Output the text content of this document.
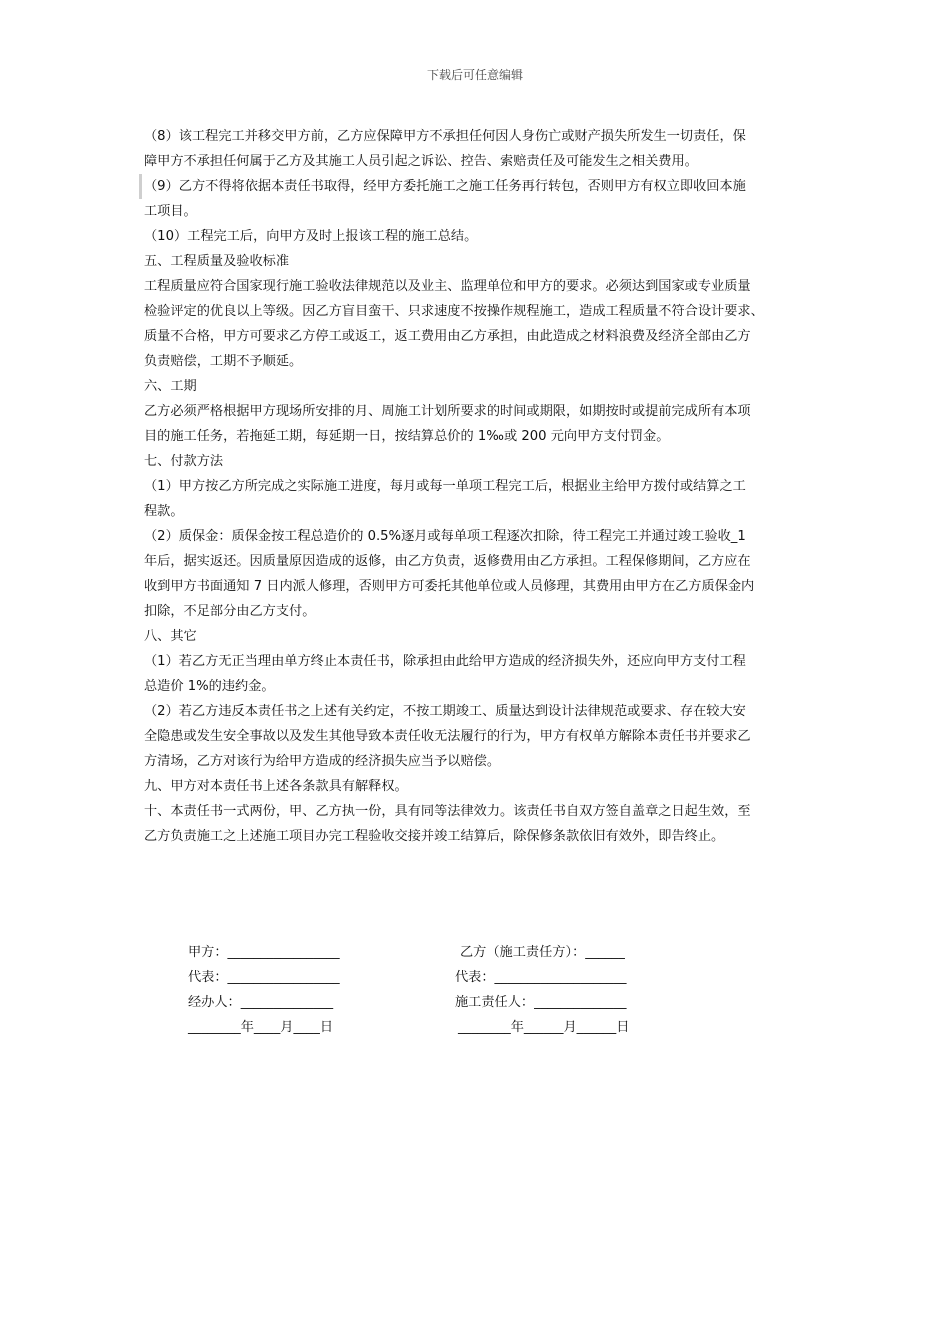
下载后可任意编辑
（8）该工程完工并移交甲方前，乙方应保障甲方不承担任何因人身伤亡或财产损失所发生一切责任，保
障甲方不承担任何属于乙方及其施工人员引起之诉讼、控告、索赔责任及可能发生之相关费用。
（9）乙方不得将依据本责任书取得，经甲方委托施工之施工任务再行转包，否则甲方有权立即收回本施
工项目。
（10）工程完工后，向甲方及时上报该工程的施工总结。
五、工程质量及验收标准
工程质量应符合国家现行施工验收法律规范以及业主、监理单位和甲方的要求。必须达到国家或专业质量
检验评定的优良以上等级。因乙方盲目蛮干、只求速度不按操作规程施工，造成工程质量不符合设计要求、
质量不合格，甲方可要求乙方停工或返工，返工费用由乙方承担，由此造成之材料浪费及经济全部由乙方
负责赔偿，工期不予顺延。
六、工期
乙方必须严格根据甲方现场所安排的月、周施工计划所要求的时间或期限，如期按时或提前完成所有本项
目的施工任务，若拖延工期，每延期一日，按结算总价的 1‰或 200 元向甲方支付罚金。
七、付款方法
（1）甲方按乙方所完成之实际施工进度，每月或每一单项工程完工后，根据业主给甲方拨付或结算之工
程款。
（2）质保金：质保金按工程总造价的 0.5%逐月或每单项工程逐次扣除，待工程完工并通过竣工验收_1
年后，据实返还。因质量原因造成的返修，由乙方负责，返修费用由乙方承担。工程保修期间，乙方应在
收到甲方书面通知 7 日内派人修理，否则甲方可委托其他单位或人员修理，其费用由甲方在乙方质保金内
扣除，不足部分由乙方支付。
八、其它
（1）若乙方无正当理由单方终止本责任书，除承担由此给甲方造成的经济损失外，还应向甲方支付工程
总造价 1%的违约金。
（2）若乙方违反本责任书之上述有关约定，不按工期竣工、质量达到设计法律规范或要求、存在较大安
全隐患或发生安全事故以及发生其他导致本责任收无法履行的行为，甲方有权单方解除本责任书并要求乙
方清场，乙方对该行为给甲方造成的经济损失应当予以赔偿。
九、甲方对本责任书上述各条款具有解释权。
十、本责任书一式两份，甲、乙方执一份，具有同等法律效力。该责任书自双方签自盖章之日起生效，至
乙方负责施工之上述施工项目办完工程验收交接并竣工结算后，除保修条款依旧有效外，即告终止。
甲方：_________________
代表：_________________
经办人：______________
________年____月____日
乙方（施工责任方）：______
代表：____________________
施工责任人：______________
________年______月______日
